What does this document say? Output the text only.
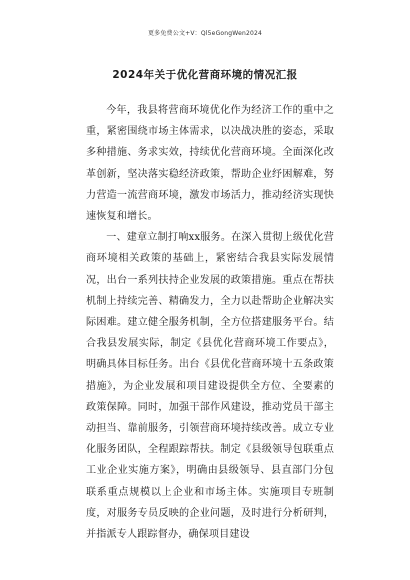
更多免费公文+V：Ql5eGongWen2024
2024年关于优化营商环境的情况汇报

今年，我县将营商环境优化作为经济工作的重中之重，紧密围绕市场主体需求，以决战决胜的姿态，采取多种措施、务求实效，持续优化营商环境。全面深化改革创新，坚决落实稳经济政策，帮助企业纾困解难，努力营造一流营商环境，激发市场活力，推动经济实现快速恢复和增长。

一、建章立制打响xx服务。在深入贯彻上级优化营商环境相关政策的基础上，紧密结合我县实际发展情况，出台一系列扶持企业发展的政策措施。重点在帮扶机制上持续完善、精确发力，全力以赴帮助企业解决实际困难。建立健全服务机制，全方位搭建服务平台。结合我县发展实际，制定《县优化营商环境工作要点》，明确具体目标任务。出台《县优化营商环境十五条政策措施》，为企业发展和项目建设提供全方位、全要素的政策保障。同时，加强干部作风建设，推动党员干部主动担当、靠前服务，引领营商环境持续改善。成立专业化服务团队，全程跟踪帮扶。制定《县级领导包联重点工业企业实施方案》，明确由县级领导、县直部门分包联系重点规模以上企业和市场主体。实施项目专班制度，对服务专员反映的企业问题，及时进行分析研判，并指派专人跟踪督办，确保项目建设
